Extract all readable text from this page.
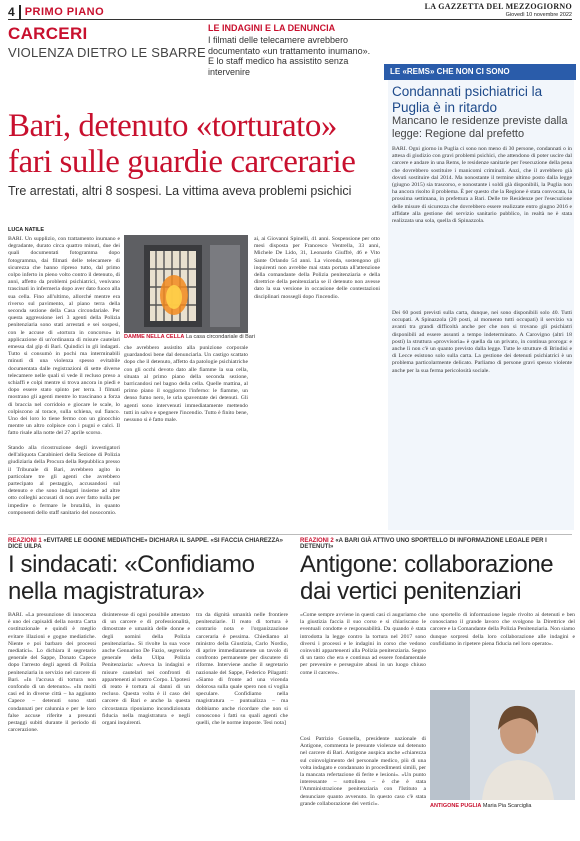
4 PRIMO PIANO	LA GAZZETTA DEL MEZZOGIORNO
Giovedì 10 novembre 2022
CARCERI
VIOLENZA DIETRO LE SBARRE
LE INDAGINI E LA DENUNCIA
I filmati delle telecamere avrebbero documentato «un trattamento inumano». E lo staff medico ha assistito senza intervenire
Bari, detenuto «torturato» fari sulle guardie carcerarie
Tre arrestati, altri 8 sospesi. La vittima aveva problemi psichici
LUCA NATILE
BARI. Un supplizio, con trattamento inumano e degradante, durato circa quattro minuti, due dei quali documentati fotogramma dopo fotogramma, dai filmati delle telecamere di sicurezza che hanno ripreso tutto, dal primo colpo inferto in pieno volto contro il detenuto, di anni, affetto da problemi psichiatrici, venivano trascinati in infermeria dopo aver dato fuoco alla sua cella. Fino all'ultimo, allorché mentre era riverso sul pavimento, al piano terra della seconda sezione della Casa circondariale. Per questa aggressione ieri 3 agenti della Polizia penitenziaria sono stati arrestati e sei sospesi, con le accuse di «tortura in concorso» in applicazione di un'ordinanza di misure cautelari emessa dal gip di Bari. Quindici in gli indagati. Tutto si consumò in pochi ma interminabili minuti di una violenza spesso evitabile documentata dalle registrazioni di sette diverse telecamere nelle quali si vede il recluso preso a schiaffi e colpi mentre si trova ancora in piedi e dopo essere stato spinto per terra. I filmati mostrano gli agenti mentre lo trascinano a forza di braccia nel corridoio e giocare le scale, lo colpiscono al torace, sulla schiena, sul fianco. Uno dei loro lo tiene fermo con un ginocchio mentre un altro colpisce con i pugni e calci. Il fatto risale alla notte del 27 aprile scorso.
Stando alla ricostruzione degli investigatori dell'aliquota Carabinieri della Sezione di Polizia giudiziaria della Procura della Repubblica presso il Tribunale di Bari, avrebbero agito in particolare tre gli agenti che avrebbero partecipato al pestaggio, accusandosi sul detenuto e che sono indagati insieme ad altre otto colleghi accusati di non aver fatto nulla per impedire o fermare le brutalità, in quanto componenti dello staff sanitario del nosocomio.
DAMME NELLA CELLA La casa circondariale di Bari
che avrebbero assistito alla punizione corporale guardandosi bene dal denunciarla. Un castigo scattato dopo che il detenuto, affetto da patologie psichiatriche con gli occhi devoto dato alle fiamme la sua cella, situata al primo piano della seconda sezione, barricandosi nel bagno della cella. Quelle mattina, al primo piano il soggiorno l'inferno: le fiamme, un denso fumo nero, le urla spaventate dei detenuti. Gli agenti sono intervenuti immediatamente mettendo tutti in salvo e spegnere l'incendio. Tutto è finito bene, nessuno si è fatto male.
ai, ai Giovanni Spinelli, 41 anni. Sospensione per otto mesi disposta per Francesco Ventrella, 33 anni, Michele De Lido, 31, Leonardo Giuffrè, 46 e Vito Sante Orlando 54 anni. La vicenda, sostengono gli inquirenti non avrebbe mai stata portata all'attenzione della comandante della Polizia penitenziaria e della direttrice della penitenziaria se il detenuto non avesse dato la sua versione in occasione delle contestazioni disciplinari mossegli dopo l'incendio.
LE «REMS» CHE NON CI SONO
Condannati psichiatrici la Puglia è in ritardo
Mancano le residenze previste dalla legge: Regione dal prefetto
BARI. Ogni giorno in Puglia ci sono non meno di 30 persone, condannati o in attesa di giudizio con gravi problemi psichici, che attendono di poter uscire dal carcere e andare in una Rems, le residenze sanitarie per l'esecuzione della pena che dovrebbero sostituire i manicomi criminali. Anzi, che il avrebbero già dovuti sostituire dal 2014. Ma nonostante il termine ultimo posto dalla legge (giugno 2015) sia trascorso, e nonostante i soldi già disponibili, la Puglia non ha ancora risolto il problema. È per questo che la Regione è stata convocata, la prossima settimana, in prefettura a Bari. Delle tre Residenze per l'esecuzione delle misure di sicurezza che dovrebbero essere realizzate entro giugno 2016 e affidate alla gestione del servizio sanitario pubblico, in realtà ne è stata realizzata una sola, quella di Spinazzola.
Dei 60 posti previsti sulla carta, dunque, nei sono disponibili solo 40. Tutti occupati. A Spinazzola (20 posti, al momento tutti occupati) il servizio va avanti tra grandi difficoltà anche per che non si trovano gli psichiatri disponibili ad essere assunti a tempo indeterminato. A Carovigno (altri 18 posti) la struttura «provvisoria» è quella da un privato, in continua proroga: e anche lì non c'è un quanto previsto dalla legge. Tutte le strutture di Brindisi e di Lecce esistono solo sulla carta. La gestione dei detenuti psichiatrici è un problema particolarmente delicato. Parliamo di persone gravi spesso violente anche per la sua ferma pericolosità sociale.
REAZIONI 1 «EVITARE LE GOGNE MEDIATICHE» DICHIARA IL SAPPE. «SI FACCIA CHIAREZZA» DICE UILPA
I sindacati: «Confidiamo nella magistratura»
BARI. «La presunzione di innocenza è uno dei capisaldi della nostra Carta costituzionale e quindi è meglio evitare illazioni e gogne mediatiche. Niente e poi barbaro dei processi mediatici». Lo dichiara il segretario generale del Sappe, Donato Capece dopo l'arresto degli agenti di Polizia penitenziaria in servizio nel carcere di Bari. «In l'accusa di tortura non confondo di un detenuto». «In molti casi ed in diverse città – ha aggiunto Capece – detenuti sono stati condannati per calunnia e per le loro false accuse riferite a presunti pestaggi subiti durante il periodo di carcerazione.
disinteresse di ogni possibile attestato di un carcere e di professionalità, dimostrate e umanità delle donne e degli uomini della Polizia penitenziaria». Si rivolte la sua voce anche Gennarino De Fazio, segretario generale della Uilpa Polizia Penitenziaria: «Aveva la indagini e misure cautelari nei confronti di appartenenti al nostro Corpo. L'ipotesi di reato è tortura ai danni di un recluso. Questa volta è il caso del carcere di Bari e anche la questa circostanza riponiamo incondizionata fiducia nella magistratura e negli organi inquirenti.
tra da dignità umanità nelle frontiere penitenziarie. Il reato di tortura è contrario nota e l'organizzazione carceraria è pessima. Chiediamo al ministro della Giustizia, Carlo Nordio, di aprire immediatamente un tavolo di confronto permanente per discutere di riforme. Interviene anche il segretario nazionale del Sappe, Federico Pilagatti: «Siamo di fronte ad una vicenda dolorosa sulla quale spero non si voglia speculare. Confidiamo nella magistratura – puntualizza – ma dobbiamo anche ricordare che non si conoscono i fatti su quali agenti che quelli, che le norme imposte. Tesi nota]
REAZIONI 2 «A BARI GIÀ ATTIVO UNO SPORTELLO DI INFORMAZIONE LEGALE PER I DETENUTI»
Antigone: collaborazione dai vertici penitenziari
«Come sempre avviene in questi casi ci auguriamo che la giustizia faccia il suo corso e si chiariscano le eventuali condotte e responsabilità. Da quando è stata introdotta la legge contro la tortura nel 2017 sono diversi i processi e le indagini in corso che vedono coinvolti appartenenti alla Polizia penitenziaria. Segno di un tasto che era e continua ad essere fondamentale per prevenire e perseguire abusi in un luogo chiuso come il carcere».
Così Patrizio Gonnella, presidente nazionale di Antigone, commenta le presunte violenze sul detenuto nel carcere di Bari. Antigone auspica anche «chiarezza sul coinvolgimento del personale medico, più di una volta indagato e condannato in procedimenti simili, per la mancata refertazione di ferite e lesioni». «Un punto interessante – sottolinea – è che è stata l'Amministrazione penitenziaria con l'Istituto a denunciare quanto avvenuto. In questo caso c'è stata grande collaborazione dei vertici».
uno sportello di informazione legale rivolto ai detenuti e ben conosciamo il grande lavoro che svolgono la Direttrice del carcere e la Comandante della Polizia Penitenziaria. Non siamo dunque sorpresi della loro collaborazione alle indagini e confidiamo in ripetere piena fiducia nel loro operato».
ANTIGONE PUGLIA Maria Pia Scarciglia
